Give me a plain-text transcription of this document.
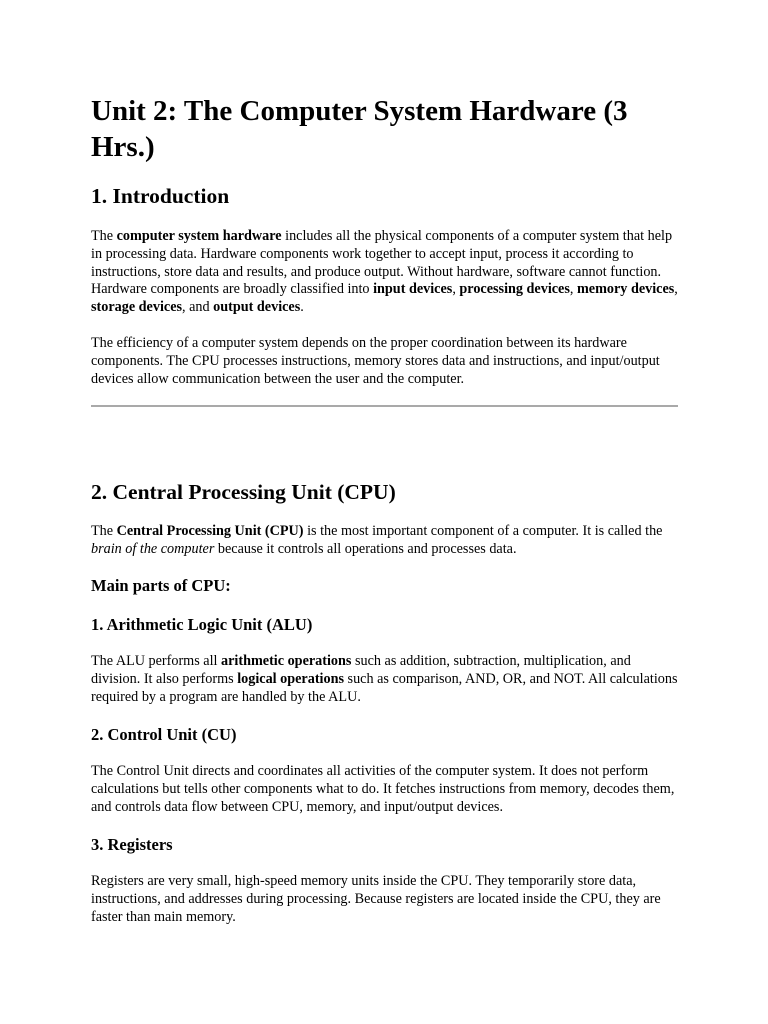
Unit 2: The Computer System Hardware (3 Hrs.)
1. Introduction

The computer system hardware includes all the physical components of a computer system that help in processing data. Hardware components work together to accept input, process it according to instructions, store data and results, and produce output. Without hardware, software cannot function. Hardware components are broadly classified into input devices, processing devices, memory devices, storage devices, and output devices.

The efficiency of a computer system depends on the proper coordination between its hardware components. The CPU processes instructions, memory stores data and instructions, and input/output devices allow communication between the user and the computer.

2. Central Processing Unit (CPU)

The Central Processing Unit (CPU) is the most important component of a computer. It is called the brain of the computer because it controls all operations and processes data.

Main parts of CPU:
1. Arithmetic Logic Unit (ALU)

The ALU performs all arithmetic operations such as addition, subtraction, multiplication, and division. It also performs logical operations such as comparison, AND, OR, and NOT. All calculations required by a program are handled by the ALU.

2. Control Unit (CU)

The Control Unit directs and coordinates all activities of the computer system. It does not perform calculations but tells other components what to do. It fetches instructions from memory, decodes them, and controls data flow between CPU, memory, and input/output devices.

3. Registers

Registers are very small, high-speed memory units inside the CPU. They temporarily store data, instructions, and addresses during processing. Because registers are located inside the CPU, they are faster than main memory.
